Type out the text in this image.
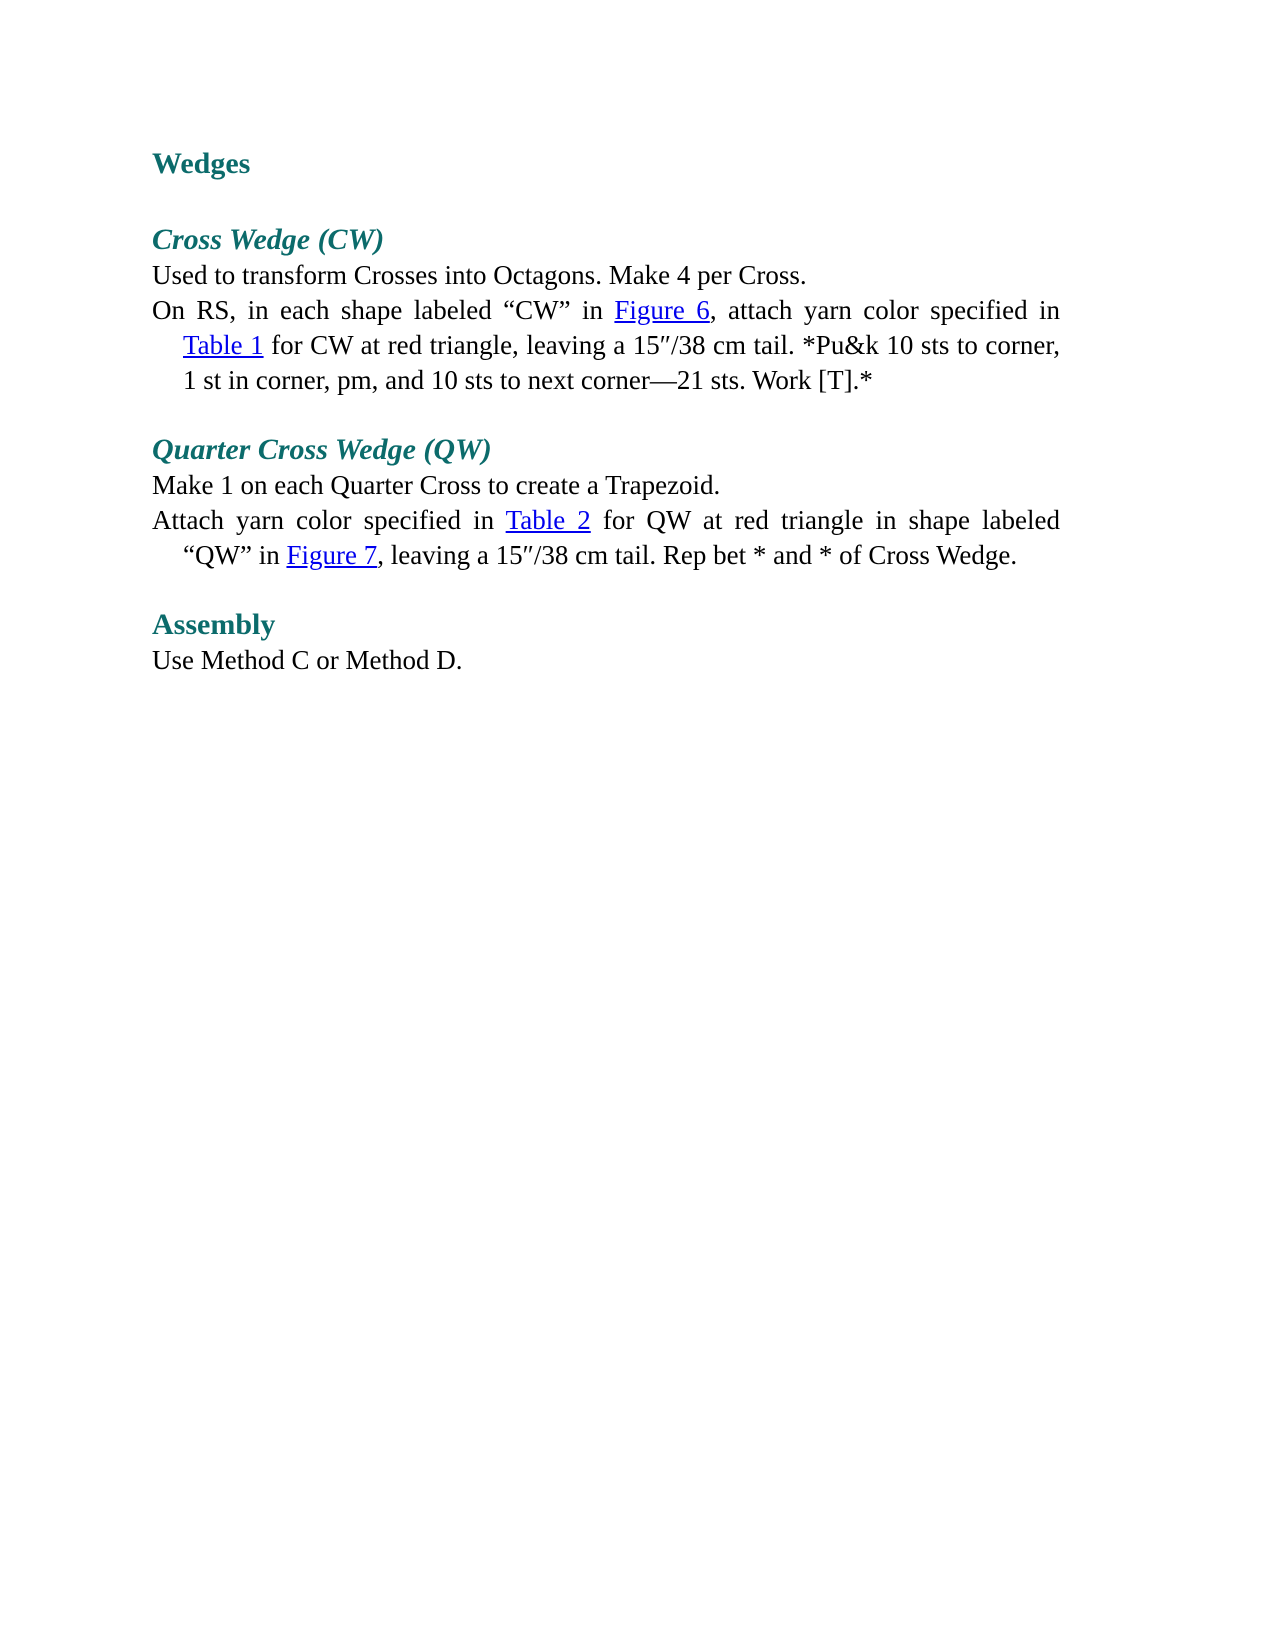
Wedges
Cross Wedge (CW)

Used to transform Crosses into Octagons. Make 4 per Cross.

On RS, in each shape labeled “CW” in Figure 6, attach yarn color specified in Table 1 for CW at red triangle, leaving a 15″/38 cm tail. *Pu&k 10 sts to corner, 1 st in corner, pm, and 10 sts to next corner—21 sts. Work [T].*

Quarter Cross Wedge (QW)

Make 1 on each Quarter Cross to create a Trapezoid.

Attach yarn color specified in Table 2 for QW at red triangle in shape labeled “QW” in Figure 7, leaving a 15″/38 cm tail. Rep bet * and * of Cross Wedge.

Assembly

Use Method C or Method D.
